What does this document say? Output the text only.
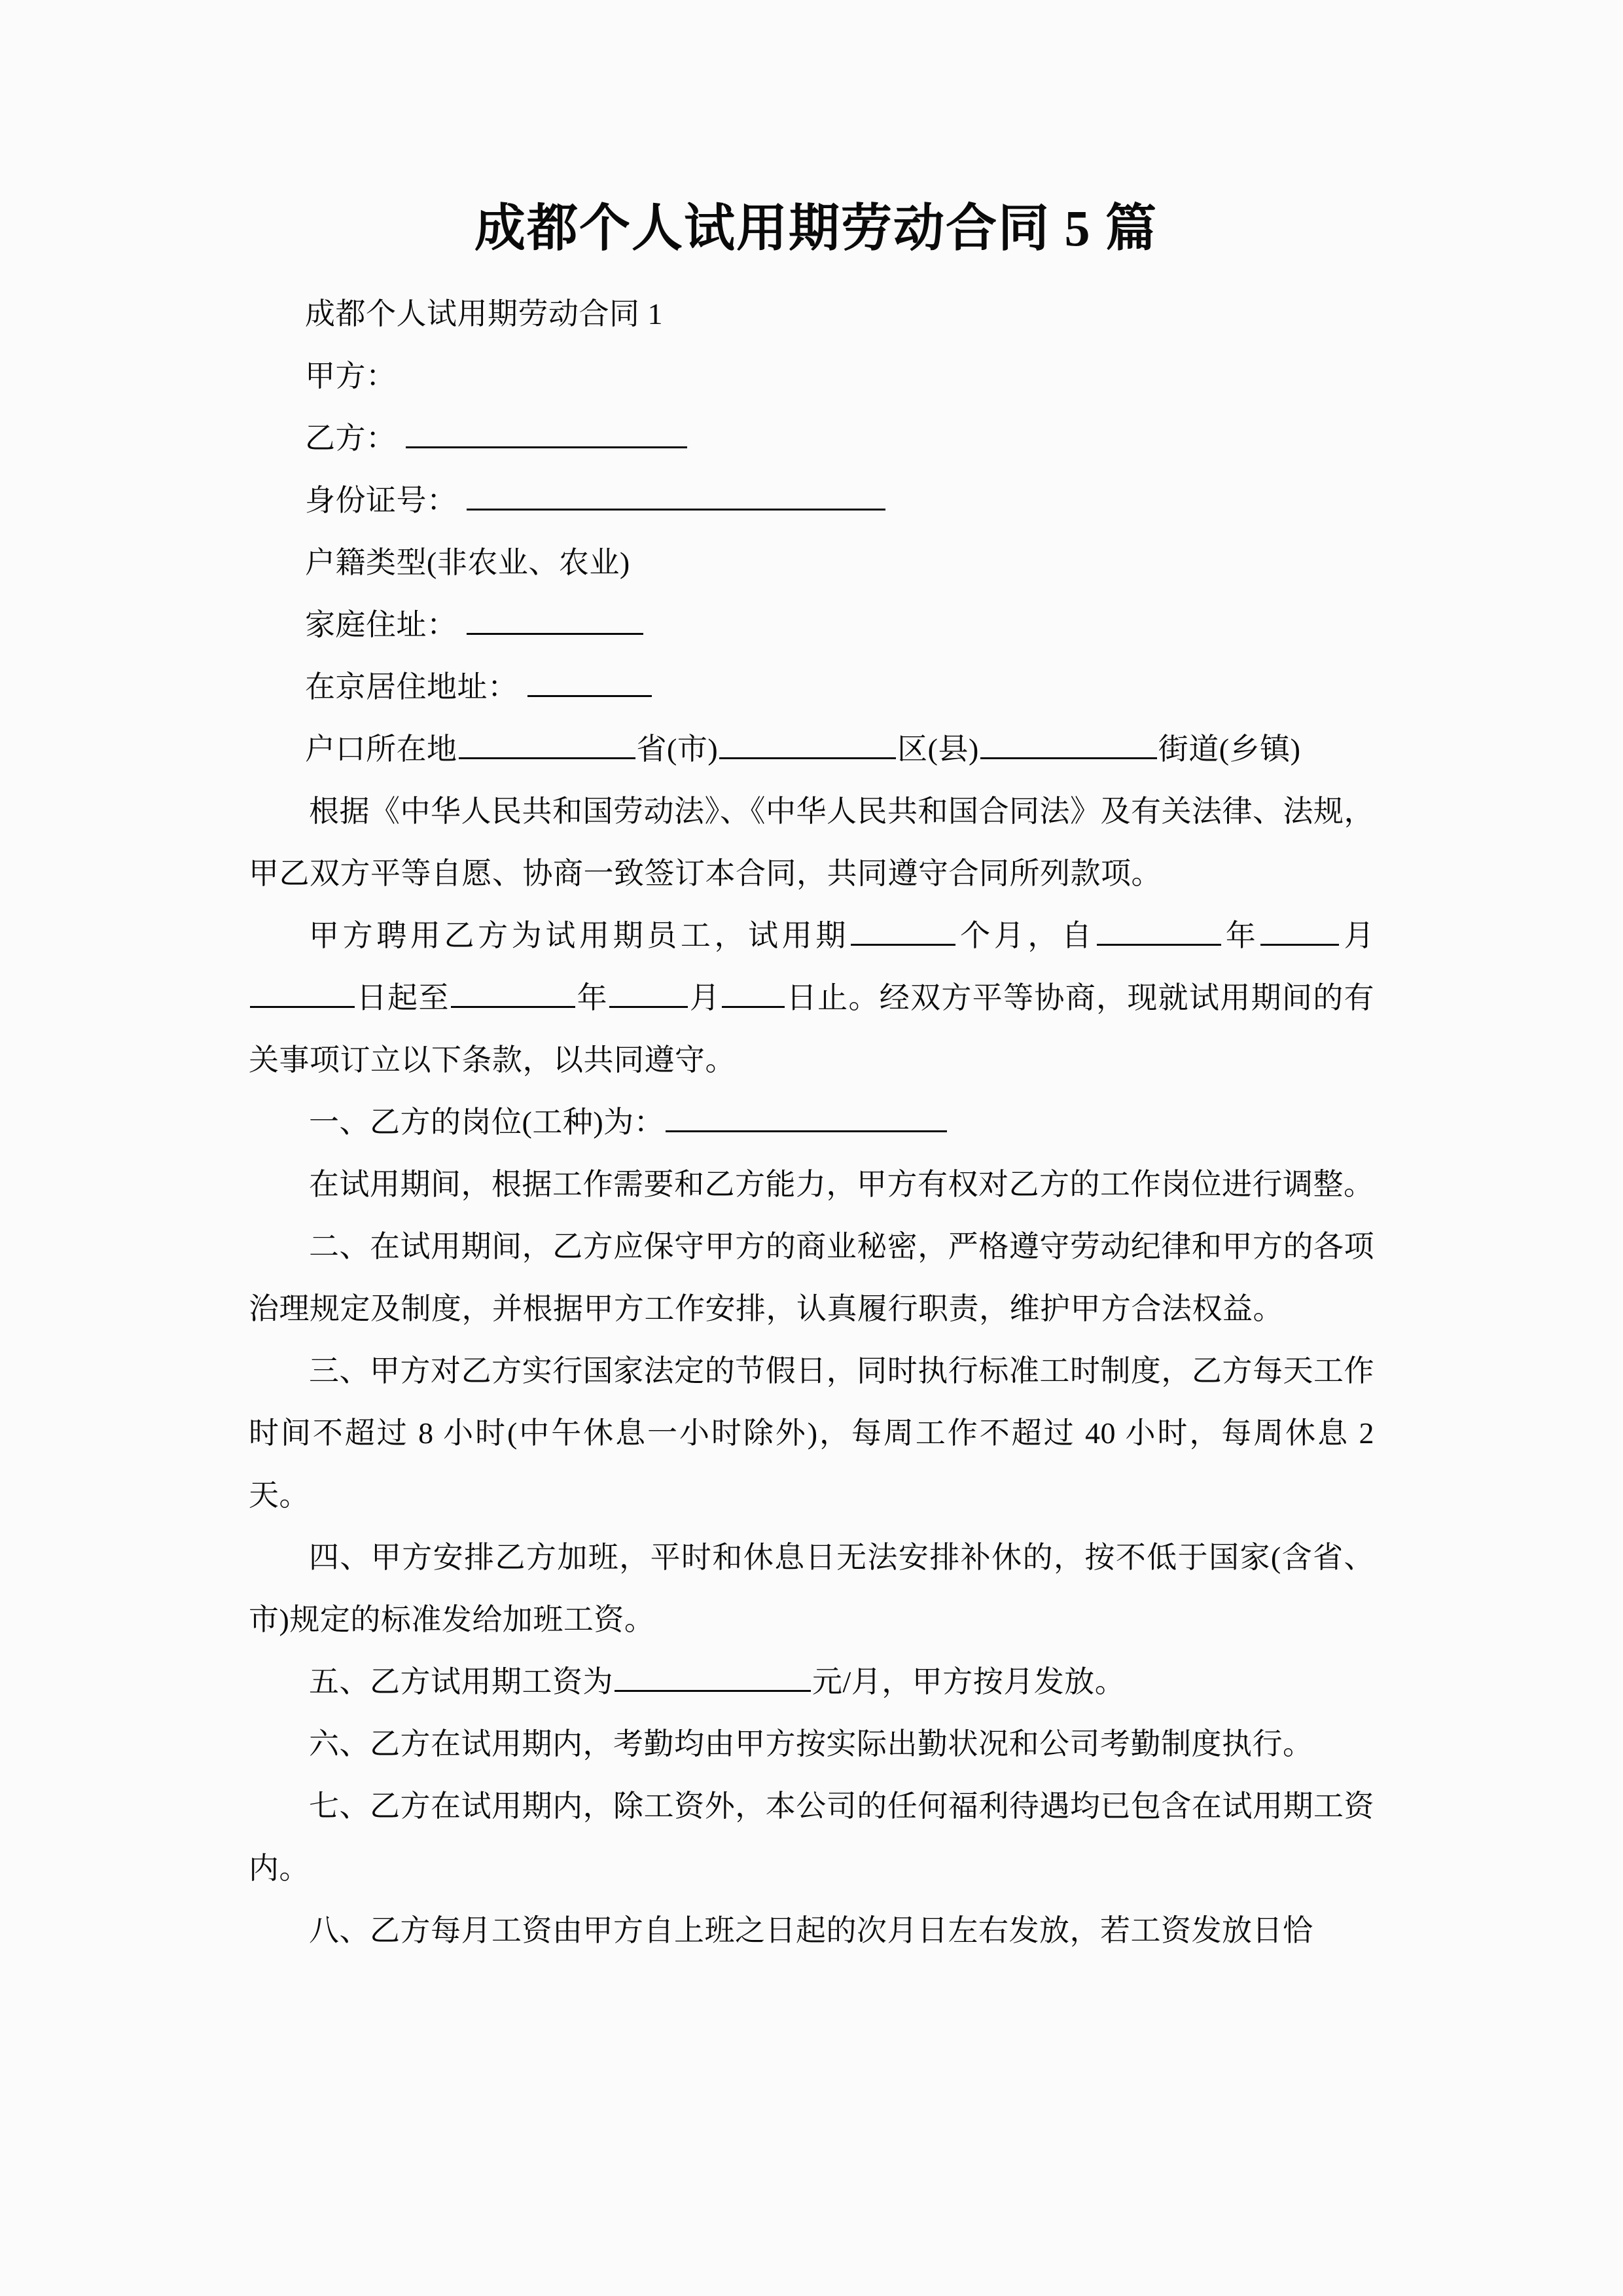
成都个人试用期劳动合同 5 篇

成都个人试用期劳动合同 1

甲方：

乙方：

身份证号：

户籍类型(非农业、农业)

家庭住址：

在京居住地址：

户口所在地	省(市)	区(县)	街道(乡镇)

根据《中华人民共和国劳动法》、《中华人民共和国合同法》及有关法律、法规，甲乙双方平等自愿、协商一致签订本合同，共同遵守合同所列款项。

甲方聘用乙方为试用期员工，试用期	个月，自	年	月日起至	年	月 日止。经双方平等协商，现就试用期间的有关事项订立以下条款，以共同遵守。

一、乙方的岗位(工种)为：

在试用期间，根据工作需要和乙方能力，甲方有权对乙方的工作岗位进行调整。

二、在试用期间，乙方应保守甲方的商业秘密，严格遵守劳动纪律和甲方的各项治理规定及制度，并根据甲方工作安排，认真履行职责，维护甲方合法权益。

三、甲方对乙方实行国家法定的节假日，同时执行标准工时制度，乙方每天工作时间不超过 8 小时(中午休息一小时除外)，每周工作不超过 40 小时，每周休息 2 天。

四、甲方安排乙方加班，平时和休息日无法安排补休的，按不低于国家(含省、市)规定的标准发给加班工资。

五、乙方试用期工资为	元/月，甲方按月发放。

六、乙方在试用期内，考勤均由甲方按实际出勤状况和公司考勤制度执行。

七、乙方在试用期内，除工资外，本公司的任何福利待遇均已包含在试用期工资内。

八、乙方每月工资由甲方自上班之日起的次月日左右发放，若工资发放日恰
